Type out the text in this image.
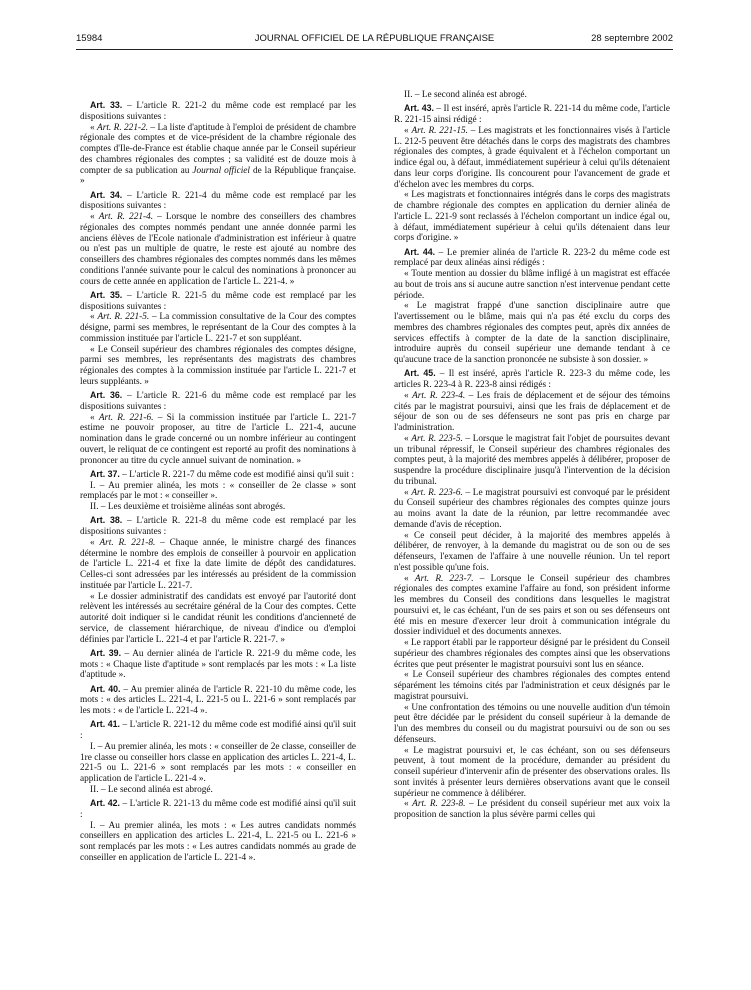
15984	JOURNAL OFFICIEL DE LA RÉPUBLIQUE FRANÇAISE	28 septembre 2002

Art. 33. – L'article R. 221-2 du même code est remplacé par les dispositions suivantes :

« Art. R. 221-2. – La liste d'aptitude à l'emploi de président de chambre régionale des comptes et de vice-président de la chambre régionale des comptes d'Ile-de-France est établie chaque année par le Conseil supérieur des chambres régionales des comptes ; sa validité est de douze mois à compter de sa publication au Journal officiel de la République française. »

Art. 34. – L'article R. 221-4 du même code est remplacé par les dispositions suivantes :

« Art. R. 221-4. – Lorsque le nombre des conseillers des chambres régionales des comptes nommés pendant une année donnée parmi les anciens élèves de l'Ecole nationale d'administration est inférieur à quatre ou n'est pas un multiple de quatre, le reste est ajouté au nombre des conseillers des chambres régionales des comptes nommés dans les mêmes conditions l'année suivante pour le calcul des nominations à prononcer au cours de cette année en application de l'article L. 221-4. »

Art. 35. – L'article R. 221-5 du même code est remplacé par les dispositions suivantes :

« Art. R. 221-5. – La commission consultative de la Cour des comptes désigne, parmi ses membres, le représentant de la Cour des comptes à la commission instituée par l'article L. 221-7 et son suppléant.

« Le Conseil supérieur des chambres régionales des comptes désigne, parmi ses membres, les représentants des magistrats des chambres régionales des comptes à la commission instituée par l'article L. 221-7 et leurs suppléants. »

Art. 36. – L'article R. 221-6 du même code est remplacé par les dispositions suivantes :

« Art. R. 221-6. – Si la commission instituée par l'article L. 221-7 estime ne pouvoir proposer, au titre de l'article L. 221-4, aucune nomination dans le grade concerné ou un nombre inférieur au contingent ouvert, le reliquat de ce contingent est reporté au profit des nominations à prononcer au titre du cycle annuel suivant de nomination. »

Art. 37. – L'article R. 221-7 du même code est modifié ainsi qu'il suit :

I. – Au premier alinéa, les mots : « conseiller de 2e classe » sont remplacés par le mot : « conseiller ».

II. – Les deuxième et troisième alinéas sont abrogés.

Art. 38. – L'article R. 221-8 du même code est remplacé par les dispositions suivantes :

« Art. R. 221-8. – Chaque année, le ministre chargé des finances détermine le nombre des emplois de conseiller à pourvoir en application de l'article L. 221-4 et fixe la date limite de dépôt des candidatures. Celles-ci sont adressées par les intéressés au président de la commission instituée par l'article L. 221-7.

« Le dossier administratif des candidats est envoyé par l'autorité dont relèvent les intéressés au secrétaire général de la Cour des comptes. Cette autorité doit indiquer si le candidat réunit les conditions d'ancienneté de service, de classement hiérarchique, de niveau d'indice ou d'emploi définies par l'article L. 221-4 et par l'article R. 221-7. »

Art. 39. – Au dernier alinéa de l'article R. 221-9 du même code, les mots : « Chaque liste d'aptitude » sont remplacés par les mots : « La liste d'aptitude ».

Art. 40. – Au premier alinéa de l'article R. 221-10 du même code, les mots : « des articles L. 221-4, L. 221-5 ou L. 221-6 » sont remplacés par les mots : « de l'article L. 221-4 ».

Art. 41. – L'article R. 221-12 du même code est modifié ainsi qu'il suit :

I. – Au premier alinéa, les mots : « conseiller de 2e classe, conseiller de 1re classe ou conseiller hors classe en application des articles L. 221-4, L. 221-5 ou L. 221-6 » sont remplacés par les mots : « conseiller en application de l'article L. 221-4 ».

II. – Le second alinéa est abrogé.

Art. 42. – L'article R. 221-13 du même code est modifié ainsi qu'il suit :

I. – Au premier alinéa, les mots : « Les autres candidats nommés conseillers en application des articles L. 221-4, L. 221-5 ou L. 221-6 » sont remplacés par les mots : « Les autres candidats nommés au grade de conseiller en application de l'article L. 221-4 ».

II. – Le second alinéa est abrogé.

Art. 43. – Il est inséré, après l'article R. 221-14 du même code, l'article R. 221-15 ainsi rédigé :

« Art. R. 221-15. – Les magistrats et les fonctionnaires visés à l'article L. 212-5 peuvent être détachés dans le corps des magistrats des chambres régionales des comptes, à grade équivalent et à l'échelon comportant un indice égal ou, à défaut, immédiatement supérieur à celui qu'ils détenaient dans leur corps d'origine. Ils concourent pour l'avancement de grade et d'échelon avec les membres du corps.

« Les magistrats et fonctionnaires intégrés dans le corps des magistrats de chambre régionale des comptes en application du dernier alinéa de l'article L. 221-9 sont reclassés à l'échelon comportant un indice égal ou, à défaut, immédiatement supérieur à celui qu'ils détenaient dans leur corps d'origine. »

Art. 44. – Le premier alinéa de l'article R. 223-2 du même code est remplacé par deux alinéas ainsi rédigés :

« Toute mention au dossier du blâme infligé à un magistrat est effacée au bout de trois ans si aucune autre sanction n'est intervenue pendant cette période.

« Le magistrat frappé d'une sanction disciplinaire autre que l'avertissement ou le blâme, mais qui n'a pas été exclu du corps des membres des chambres régionales des comptes peut, après dix années de services effectifs à compter de la date de la sanction disciplinaire, introduire auprès du conseil supérieur une demande tendant à ce qu'aucune trace de la sanction prononcée ne subsiste à son dossier. »

Art. 45. – Il est inséré, après l'article R. 223-3 du même code, les articles R. 223-4 à R. 223-8 ainsi rédigés :

« Art. R. 223-4. – Les frais de déplacement et de séjour des témoins cités par le magistrat poursuivi, ainsi que les frais de déplacement et de séjour de son ou de ses défenseurs ne sont pas pris en charge par l'administration.

« Art. R. 223-5. – Lorsque le magistrat fait l'objet de poursuites devant un tribunal répressif, le Conseil supérieur des chambres régionales des comptes peut, à la majorité des membres appelés à délibérer, proposer de suspendre la procédure disciplinaire jusqu'à l'intervention de la décision du tribunal.

« Art. R. 223-6. – Le magistrat poursuivi est convoqué par le président du Conseil supérieur des chambres régionales des comptes quinze jours au moins avant la date de la réunion, par lettre recommandée avec demande d'avis de réception.

« Ce conseil peut décider, à la majorité des membres appelés à délibérer, de renvoyer, à la demande du magistrat ou de son ou de ses défenseurs, l'examen de l'affaire à une nouvelle réunion. Un tel report n'est possible qu'une fois.

« Art. R. 223-7. – Lorsque le Conseil supérieur des chambres régionales des comptes examine l'affaire au fond, son président informe les membres du Conseil des conditions dans lesquelles le magistrat poursuivi et, le cas échéant, l'un de ses pairs et son ou ses défenseurs ont été mis en mesure d'exercer leur droit à communication intégrale du dossier individuel et des documents annexes.

« Le rapport établi par le rapporteur désigné par le président du Conseil supérieur des chambres régionales des comptes ainsi que les observations écrites que peut présenter le magistrat poursuivi sont lus en séance.

« Le Conseil supérieur des chambres régionales des comptes entend séparément les témoins cités par l'administration et ceux désignés par le magistrat poursuivi.

« Une confrontation des témoins ou une nouvelle audition d'un témoin peut être décidée par le président du conseil supérieur à la demande de l'un des membres du conseil ou du magistrat poursuivi ou de son ou ses défenseurs.

« Le magistrat poursuivi et, le cas échéant, son ou ses défenseurs peuvent, à tout moment de la procédure, demander au président du conseil supérieur d'intervenir afin de présenter des observations orales. Ils sont invités à présenter leurs dernières observations avant que le conseil supérieur ne commence à délibérer.

« Art. R. 223-8. – Le président du conseil supérieur met aux voix la proposition de sanction la plus sévère parmi celles qui
